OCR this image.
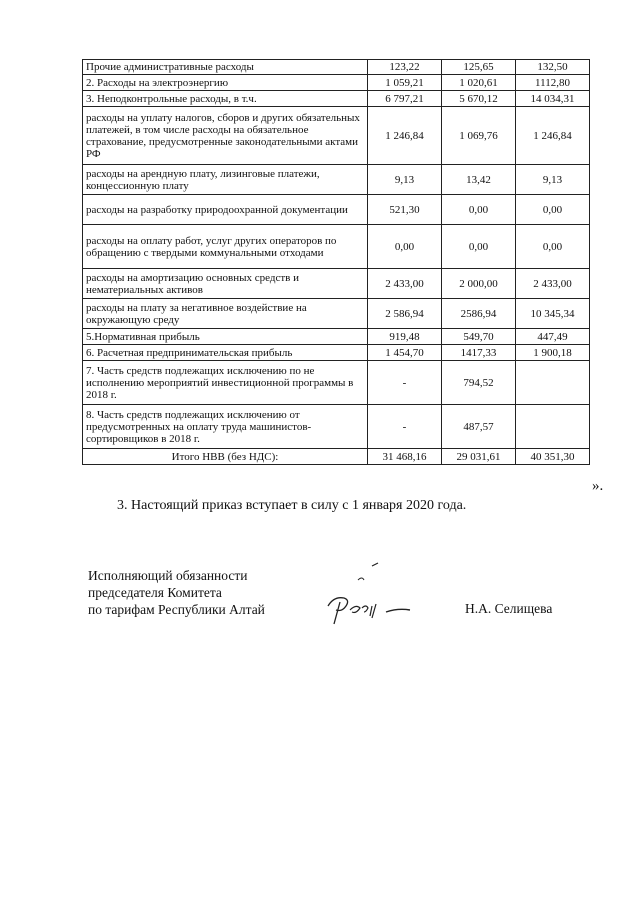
Прочие административные расходы	123,22	125,65	132,50
2. Расходы на электроэнергию	1 059,21	1 020,61	1112,80
3. Неподконтрольные расходы, в т.ч.	6 797,21	5 670,12	14 034,31
расходы на уплату налогов, сборов и других обязательных платежей, в том числе расходы на обязательное страхование, предусмотренные законодательными актами РФ	1 246,84	1 069,76	1 246,84
расходы на арендную плату, лизинговые платежи, концессионную плату	9,13	13,42	9,13
расходы на разработку природоохранной документации	521,30	0,00	0,00
расходы на оплату работ, услуг других операторов по обращению с твердыми коммунальными отходами	0,00	0,00	0,00
расходы на амортизацию основных средств и нематериальных активов	2 433,00	2 000,00	2 433,00
расходы на плату за негативное воздействие на окружающую среду	2 586,94	2586,94	10 345,34
5.Нормативная прибыль	919,48	549,70	447,49
6. Расчетная предпринимательская прибыль	1 454,70	1417,33	1 900,18
7. Часть средств подлежащих исключению по не исполнению мероприятий инвестиционной программы в 2018 г.	-	794,52	
8. Часть средств подлежащих исключению от предусмотренных на оплату труда машинистов-сортировщиков в 2018 г.	-	487,57	
Итого НВВ (без НДС):	31 468,16	29 031,61	40 351,30
».
3. Настоящий приказ вступает в силу с 1 января 2020 года.
Исполняющий обязанности
председателя Комитета
по тарифам Республики Алтай	Н.А. Селищева
